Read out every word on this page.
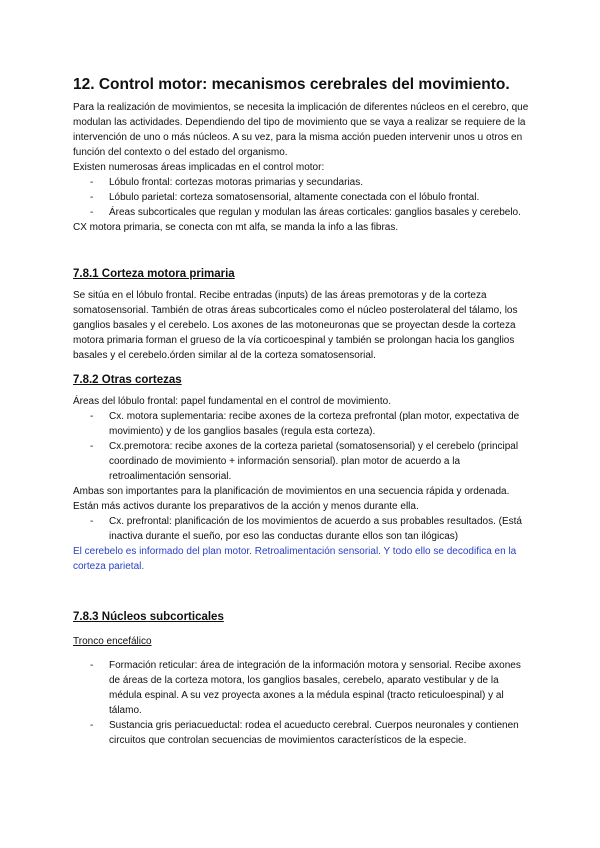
12. Control motor: mecanismos cerebrales del movimiento.

Para la realización de movimientos, se necesita la implicación de diferentes núcleos en el cerebro, que modulan las actividades. Dependiendo del tipo de movimiento que se vaya a realizar se requiere de la intervención de uno o más núcleos. A su vez, para la misma acción pueden intervenir unos u otros en función del contexto o del estado del organismo.

Existen numerosas áreas implicadas en el control motor:

- Lóbulo frontal: cortezas motoras primarias y secundarias.
- Lóbulo parietal: corteza somatosensorial, altamente conectada con el lóbulo frontal.
- Áreas subcorticales que regulan y modulan las áreas corticales: ganglios basales y cerebelo.

CX motora primaria, se conecta con mt alfa, se manda la info a las fibras.

7.8.1 Corteza motora primaria

Se sitúa en el lóbulo frontal. Recibe entradas (inputs) de las áreas premotoras y de la corteza somatosensorial. También de otras áreas subcorticales como el núcleo posterolateral del tálamo, los ganglios basales y el cerebelo. Los axones de las motoneuronas que se proyectan desde la corteza motora primaria forman el grueso de la vía corticoespinal y también se prolongan hacia los ganglios basales y el cerebelo.órden similar al de la corteza somatosensorial.

7.8.2 Otras cortezas

Áreas del lóbulo frontal: papel fundamental en el control de movimiento.

- Cx. motora suplementaria: recibe axones de la corteza prefrontal (plan motor, expectativa de movimiento) y de los ganglios basales (regula esta corteza).
- Cx.premotora: recibe axones de la corteza parietal (somatosensorial) y el cerebelo (principal coordinado de movimiento + información sensorial). plan motor de acuerdo a la retroalimentación sensorial.

Ambas son importantes para la planificación de movimientos en una secuencia rápida y ordenada. Están más activos durante los preparativos de la acción y menos durante ella.

- Cx. prefrontal: planificación de los movimientos de acuerdo a sus probables resultados. (Está inactiva durante el sueño, por eso las conductas durante ellos son tan ilógicas)

El cerebelo es informado del plan motor. Retroalimentación sensorial. Y todo ello se decodifica en la corteza parietal.

7.8.3 Núcleos subcorticales

Tronco encefálico

- Formación reticular: área de integración de la información motora y sensorial. Recibe axones de áreas de la corteza motora, los ganglios basales, cerebelo, aparato vestibular y de la médula espinal. A su vez proyecta axones a la médula espinal (tracto reticuloespinal) y al tálamo.
- Sustancia gris periacueductal: rodea el acueducto cerebral. Cuerpos neuronales y contienen circuitos que controlan secuencias de movimientos característicos de la especie.
